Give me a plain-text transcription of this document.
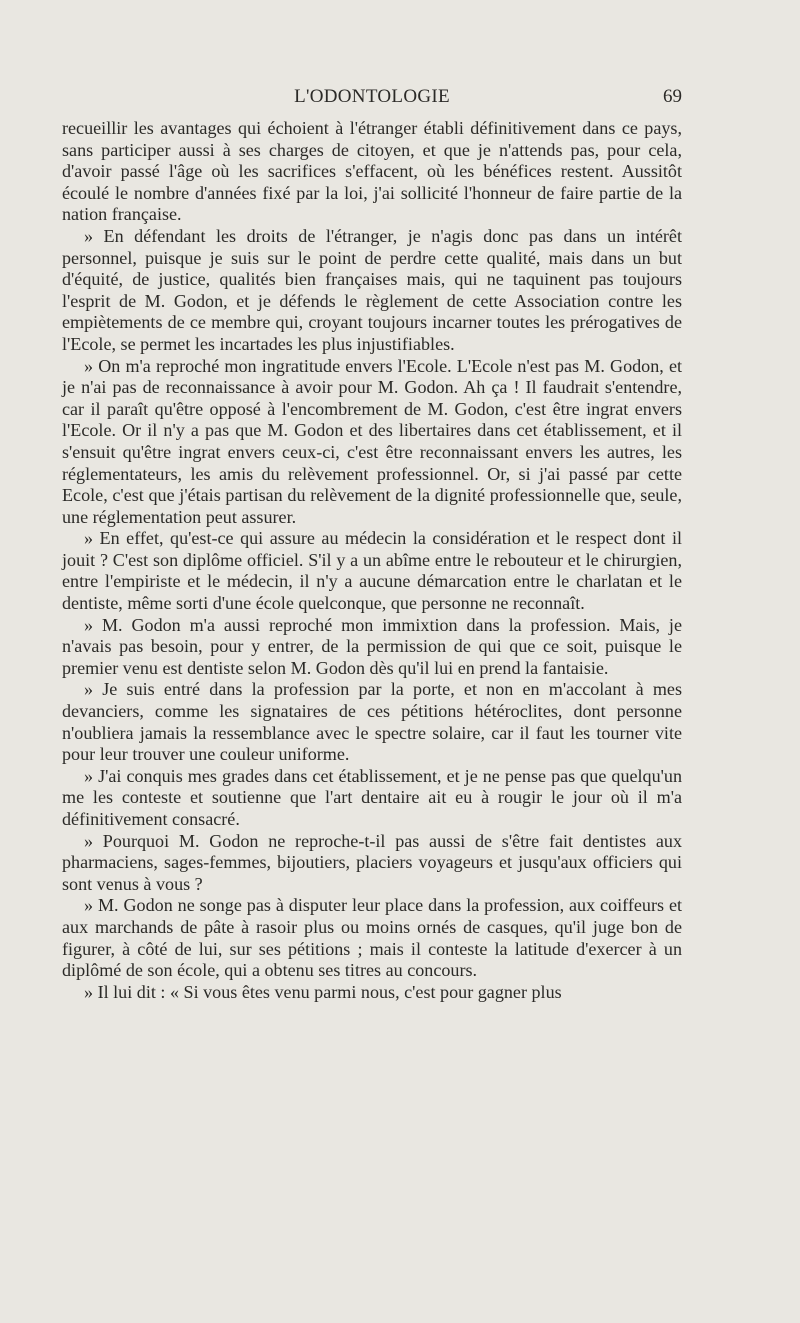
L'ODONTOLOGIE	69

recueillir les avantages qui échoient à l'étranger établi définitivement dans ce pays, sans participer aussi à ses charges de citoyen, et que je n'attends pas, pour cela, d'avoir passé l'âge où les sacrifices s'effacent, où les bénéfices restent. Aussitôt écoulé le nombre d'années fixé par la loi, j'ai sollicité l'honneur de faire partie de la nation française.

» En défendant les droits de l'étranger, je n'agis donc pas dans un intérêt personnel, puisque je suis sur le point de perdre cette qualité, mais dans un but d'équité, de justice, qualités bien françaises mais, qui ne taquinent pas toujours l'esprit de M. Godon, et je défends le règlement de cette Association contre les empiètements de ce membre qui, croyant toujours incarner toutes les prérogatives de l'Ecole, se permet les incartades les plus injustifiables.

» On m'a reproché mon ingratitude envers l'Ecole. L'Ecole n'est pas M. Godon, et je n'ai pas de reconnaissance à avoir pour M. Godon. Ah ça ! Il faudrait s'entendre, car il paraît qu'être opposé à l'encombrement de M. Godon, c'est être ingrat envers l'Ecole. Or il n'y a pas que M. Godon et des libertaires dans cet établissement, et il s'ensuit qu'être ingrat envers ceux-ci, c'est être reconnaissant envers les autres, les réglementateurs, les amis du relèvement professionnel. Or, si j'ai passé par cette Ecole, c'est que j'étais partisan du relèvement de la dignité professionnelle que, seule, une réglementation peut assurer.

» En effet, qu'est-ce qui assure au médecin la considération et le respect dont il jouit ? C'est son diplôme officiel. S'il y a un abîme entre le rebouteur et le chirurgien, entre l'empiriste et le médecin, il n'y a aucune démarcation entre le charlatan et le dentiste, même sorti d'une école quelconque, que personne ne reconnaît.

» M. Godon m'a aussi reproché mon immixtion dans la profession. Mais, je n'avais pas besoin, pour y entrer, de la permission de qui que ce soit, puisque le premier venu est dentiste selon M. Godon dès qu'il lui en prend la fantaisie.

» Je suis entré dans la profession par la porte, et non en m'accolant à mes devanciers, comme les signataires de ces pétitions hétéroclites, dont personne n'oubliera jamais la ressemblance avec le spectre solaire, car il faut les tourner vite pour leur trouver une couleur uniforme.

» J'ai conquis mes grades dans cet établissement, et je ne pense pas que quelqu'un me les conteste et soutienne que l'art dentaire ait eu à rougir le jour où il m'a définitivement consacré.

» Pourquoi M. Godon ne reproche-t-il pas aussi de s'être fait dentistes aux pharmaciens, sages-femmes, bijoutiers, placiers voyageurs et jusqu'aux officiers qui sont venus à vous ?

» M. Godon ne songe pas à disputer leur place dans la profession, aux coiffeurs et aux marchands de pâte à rasoir plus ou moins ornés de casques, qu'il juge bon de figurer, à côté de lui, sur ses pétitions ; mais il conteste la latitude d'exercer à un diplômé de son école, qui a obtenu ses titres au concours.

» Il lui dit : « Si vous êtes venu parmi nous, c'est pour gagner plus
